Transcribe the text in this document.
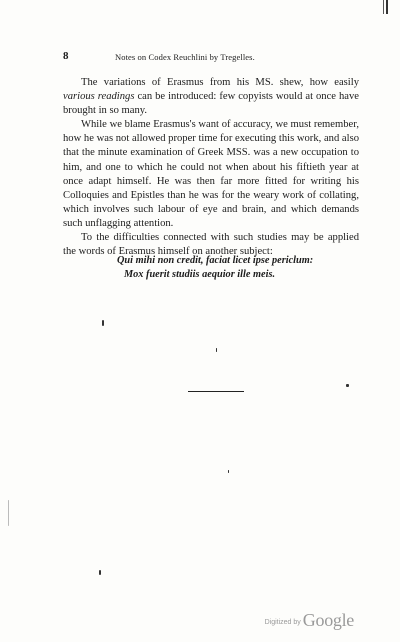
8	Notes on Codex Reuchlini by Tregelles.

The variations of Erasmus from his MS. shew, how easily various readings can be introduced: few copyists would at once have brought in so many.

While we blame Erasmus's want of accuracy, we must remember, how he was not allowed proper time for executing this work, and also that the minute examination of Greek MSS. was a new occupation to him, and one to which he could not when about his fiftieth year at once adapt himself. He was then far more fitted for writing his Colloquies and Epistles than he was for the weary work of collating, which involves such labour of eye and brain, and which demands such unflagging attention.

To the difficulties connected with such studies may be applied the words of Erasmus himself on another subject:

Qui mihi non credit, faciat licet ipse periclum:
Mox fuerit studiis aequior ille meis.
Digitized by Google
